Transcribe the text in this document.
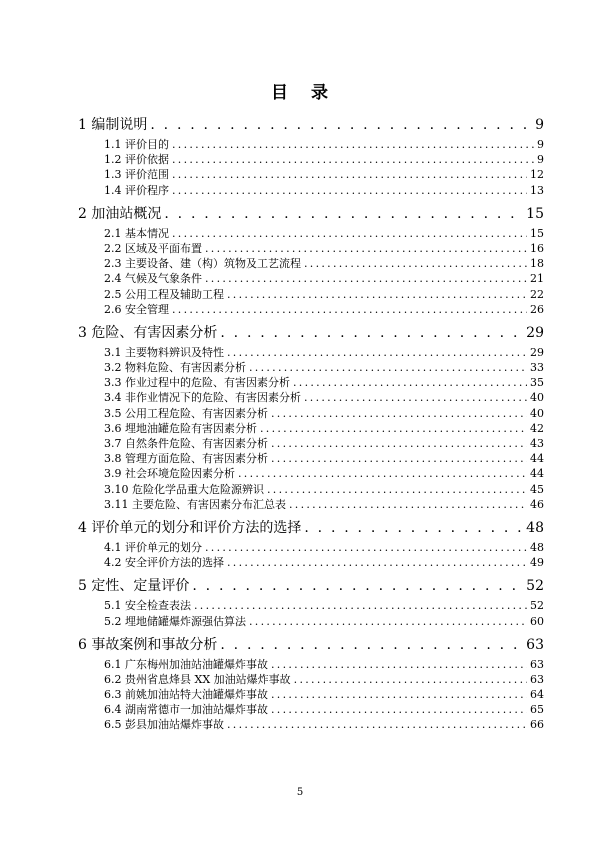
目 录
1 编制说明 . . .	9
1.1 评价目的 . . .	9
1.2 评价依据 . . .	9
1.3 评价范围 . . .	12
1.4 评价程序 . . .	13
2 加油站概况 . . .	15
2.1 基本情况 . . .	15
2.2 区域及平面布置 . . .	16
2.3 主要设备、建（构）筑物及工艺流程 . . .	18
2.4 气候及气象条件 . . .	21
2.5 公用工程及辅助工程 . . .	22
2.6 安全管理 . . .	26
3 危险、有害因素分析 . . .	29
3.1 主要物料辨识及特性 . . .	29
3.2 物料危险、有害因素分析 . . .	33
3.3 作业过程中的危险、有害因素分析 . . .	35
3.4 非作业情况下的危险、有害因素分析 . . .	40
3.5 公用工程危险、有害因素分析 . . .	40
3.6 埋地油罐危险有害因素分析 . . .	42
3.7 自然条件危险、有害因素分析 . . .	43
3.8 管理方面危险、有害因素分析 . . .	44
3.9 社会环境危险因素分析 . . .	44
3.10 危险化学品重大危险源辨识 . . .	45
3.11 主要危险、有害因素分布汇总表 . . .	46
4 评价单元的划分和评价方法的选择 . . .	48
4.1 评价单元的划分 . . .	48
4.2 安全评价方法的选择 . . .	49
5 定性、定量评价 . . .	52
5.1 安全检查表法 . . .	52
5.2 埋地储罐爆炸源强估算法 . . .	60
6 事故案例和事故分析 . . .	63
6.1 广东梅州加油站油罐爆炸事故 . . .	63
6.2 贵州省息烽县 XX 加油站爆炸事故 . . .	63
6.3 前姚加油站特大油罐爆炸事故 . . .	64
6.4 湖南常德市一加油站爆炸事故 . . .	65
6.5 彭县加油站爆炸事故 . . .	66
5
